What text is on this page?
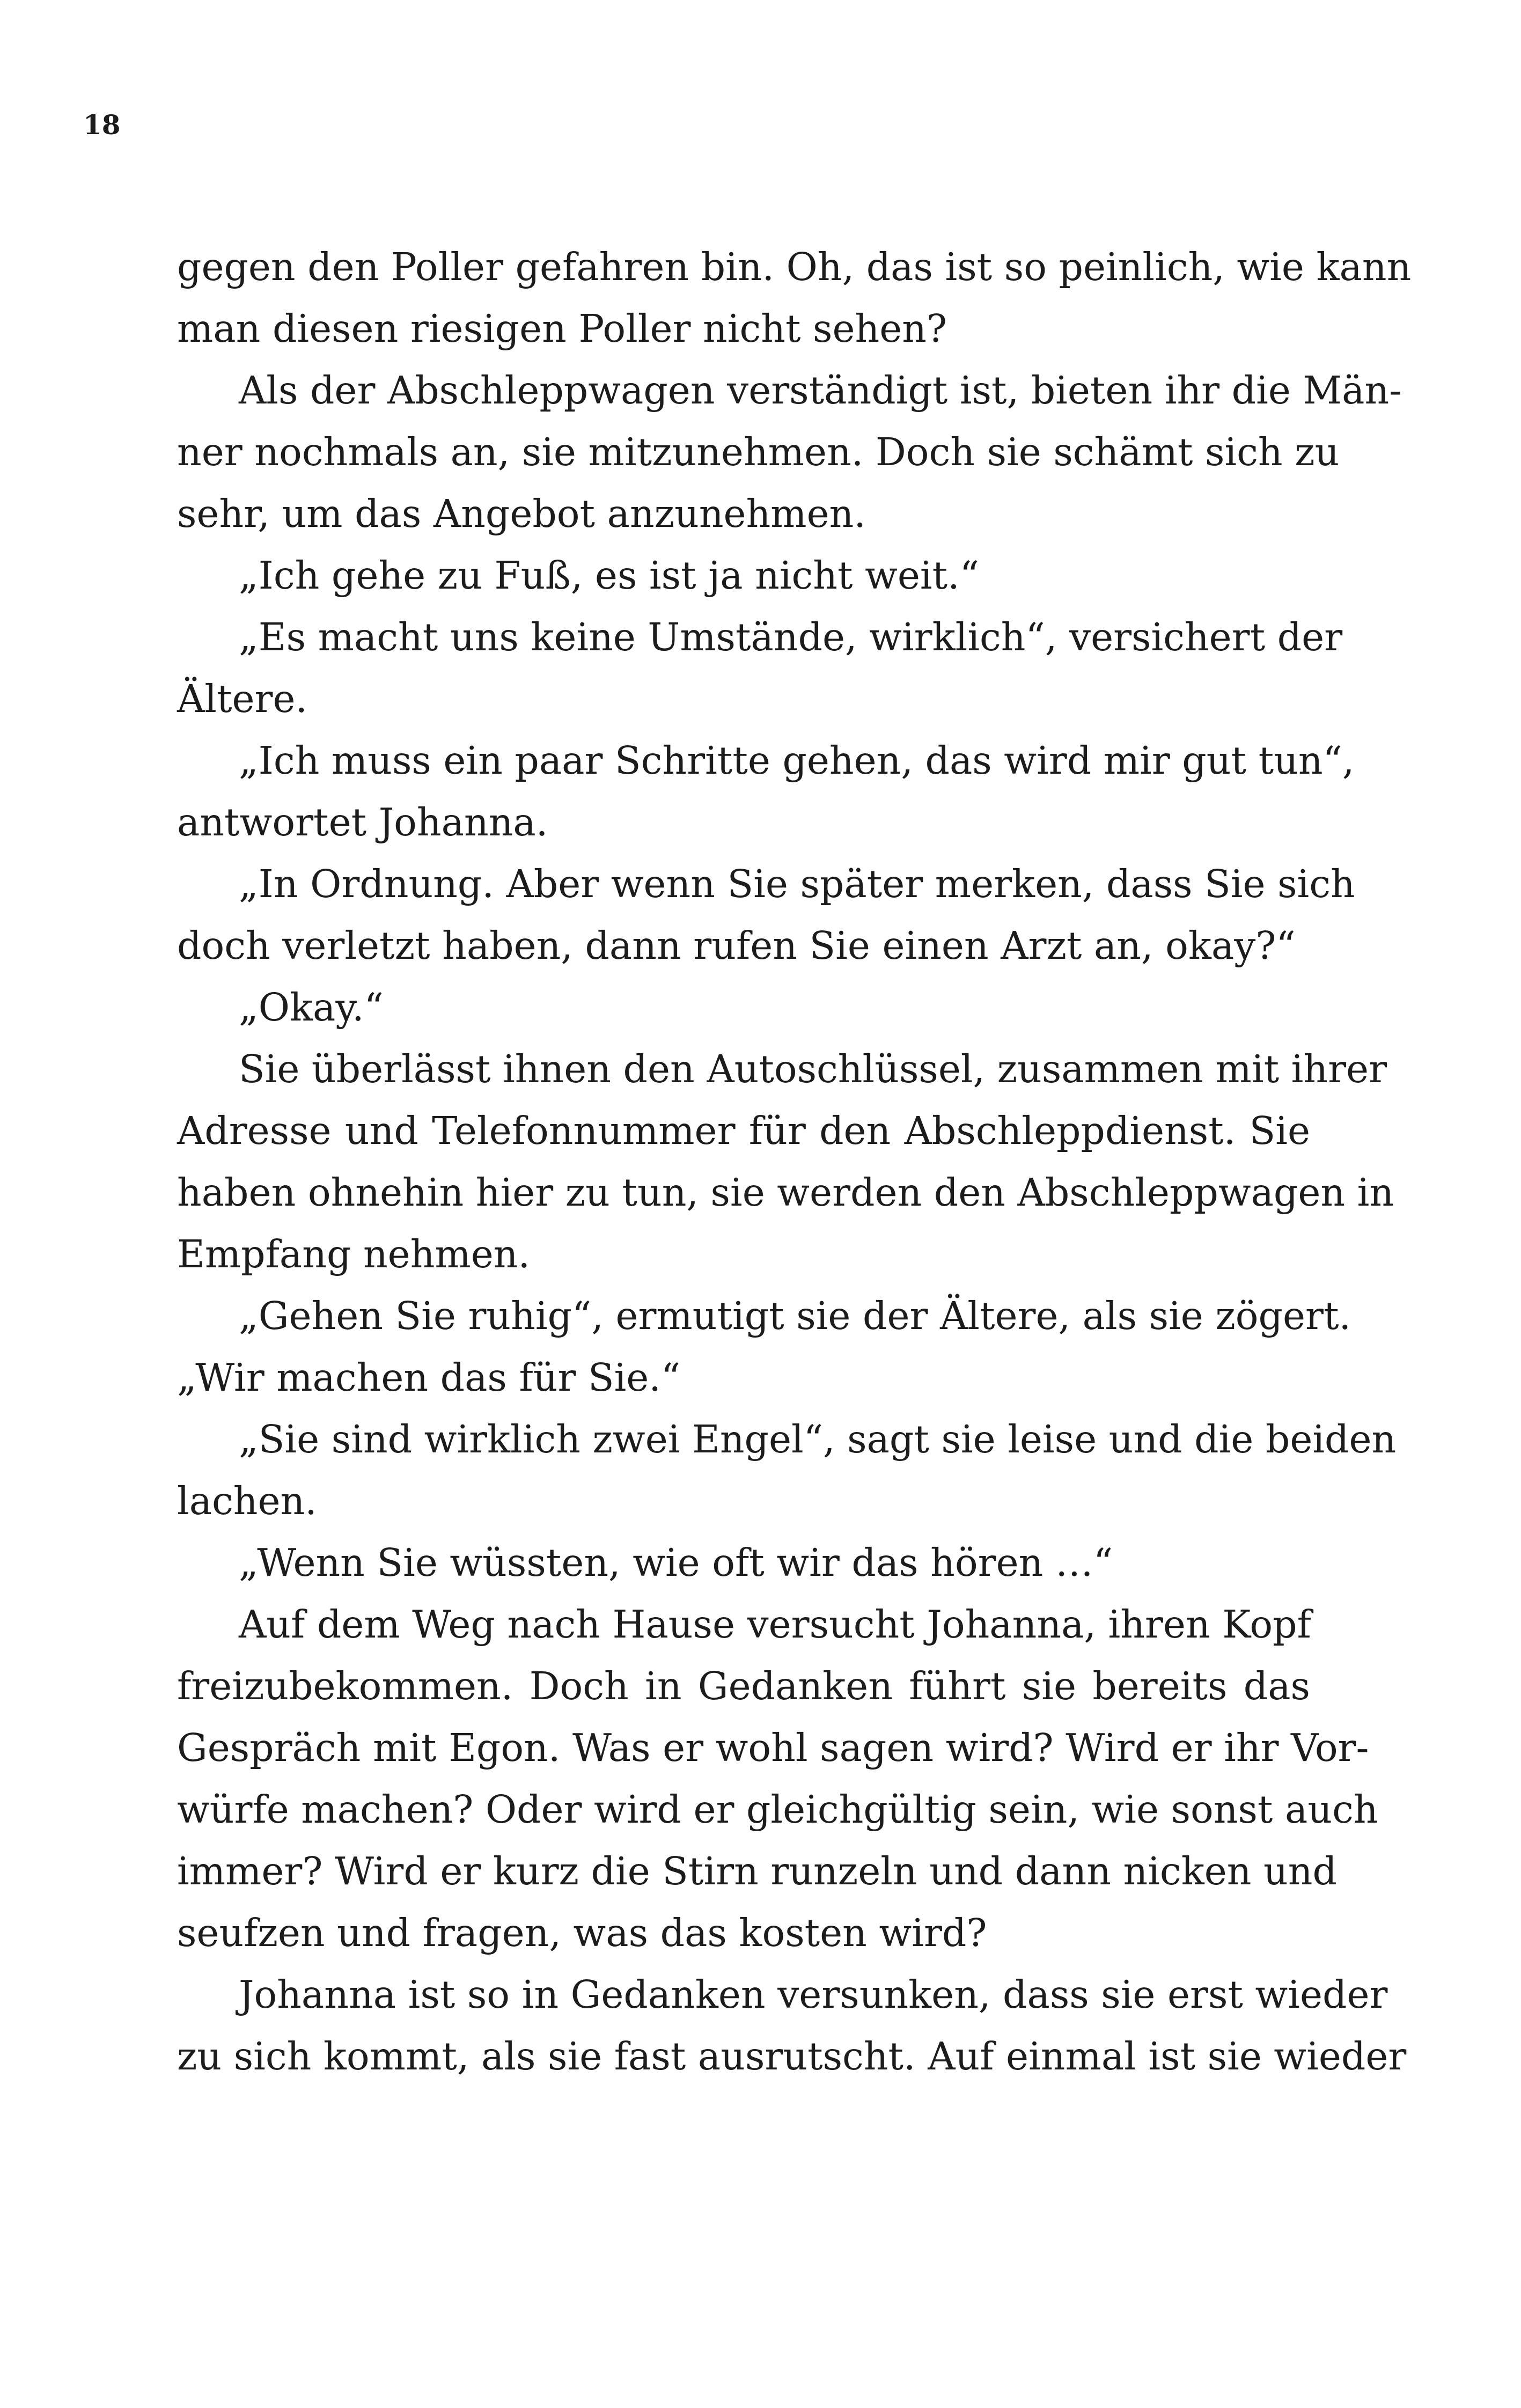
18
gegen den Poller gefahren bin. Oh, das ist so peinlich, wie kann
man diesen riesigen Poller nicht sehen?
Als der Abschleppwagen verständigt ist, bieten ihr die Män-
ner nochmals an, sie mitzunehmen. Doch sie schämt sich zu
sehr, um das Angebot anzunehmen.
„Ich gehe zu Fuß, es ist ja nicht weit.“
„Es macht uns keine Umstände, wirklich“, versichert der
Ältere.
„Ich muss ein paar Schritte gehen, das wird mir gut tun“,
antwortet Johanna.
„In Ordnung. Aber wenn Sie später merken, dass Sie sich
doch verletzt haben, dann rufen Sie einen Arzt an, okay?“
„Okay.“
Sie überlässt ihnen den Autoschlüssel, zusammen mit ihrer
Adresse und Telefonnummer für den Abschleppdienst. Sie
haben ohnehin hier zu tun, sie werden den Abschleppwagen in
Empfang nehmen.
„Gehen Sie ruhig“, ermutigt sie der Ältere, als sie zögert.
„Wir machen das für Sie.“
„Sie sind wirklich zwei Engel“, sagt sie leise und die beiden
lachen.
„Wenn Sie wüssten, wie oft wir das hören …“
Auf dem Weg nach Hause versucht Johanna, ihren Kopf
freizubekommen. Doch in Gedanken führt sie bereits das
Gespräch mit Egon. Was er wohl sagen wird? Wird er ihr Vor-
würfe machen? Oder wird er gleichgültig sein, wie sonst auch
immer? Wird er kurz die Stirn runzeln und dann nicken und
seufzen und fragen, was das kosten wird?
Johanna ist so in Gedanken versunken, dass sie erst wieder
zu sich kommt, als sie fast ausrutscht. Auf einmal ist sie wieder
